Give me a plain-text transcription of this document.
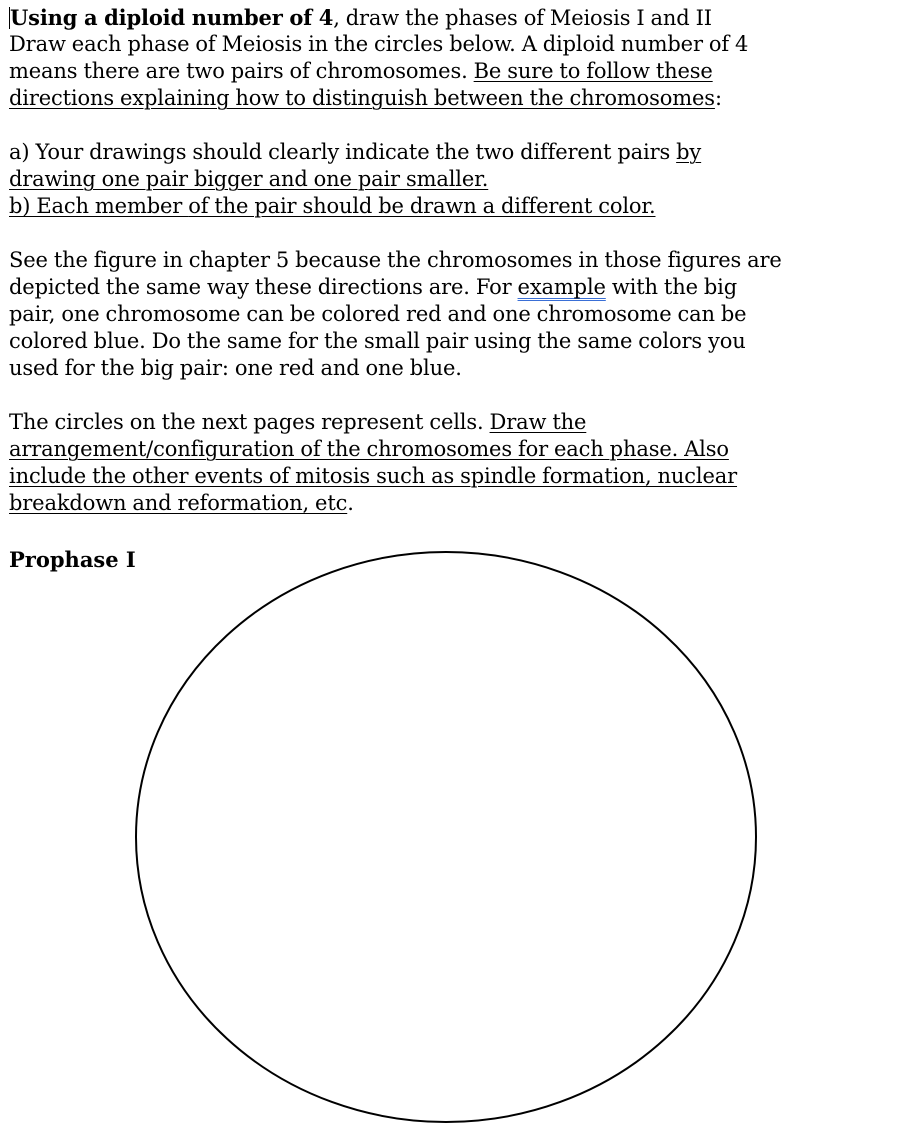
Using a diploid number of 4, draw the phases of Meiosis I and II
Draw each phase of Meiosis in the circles below. A diploid number of 4
means there are two pairs of chromosomes. Be sure to follow these
directions explaining how to distinguish between the chromosomes:
a) Your drawings should clearly indicate the two different pairs by
drawing one pair bigger and one pair smaller.
b) Each member of the pair should be drawn a different color.
See the figure in chapter 5 because the chromosomes in those figures are
depicted the same way these directions are. For example with the big
pair, one chromosome can be colored red and one chromosome can be
colored blue. Do the same for the small pair using the same colors you
used for the big pair: one red and one blue.
The circles on the next pages represent cells. Draw the
arrangement/configuration of the chromosomes for each phase. Also
include the other events of mitosis such as spindle formation, nuclear
breakdown and reformation, etc.
Prophase I
